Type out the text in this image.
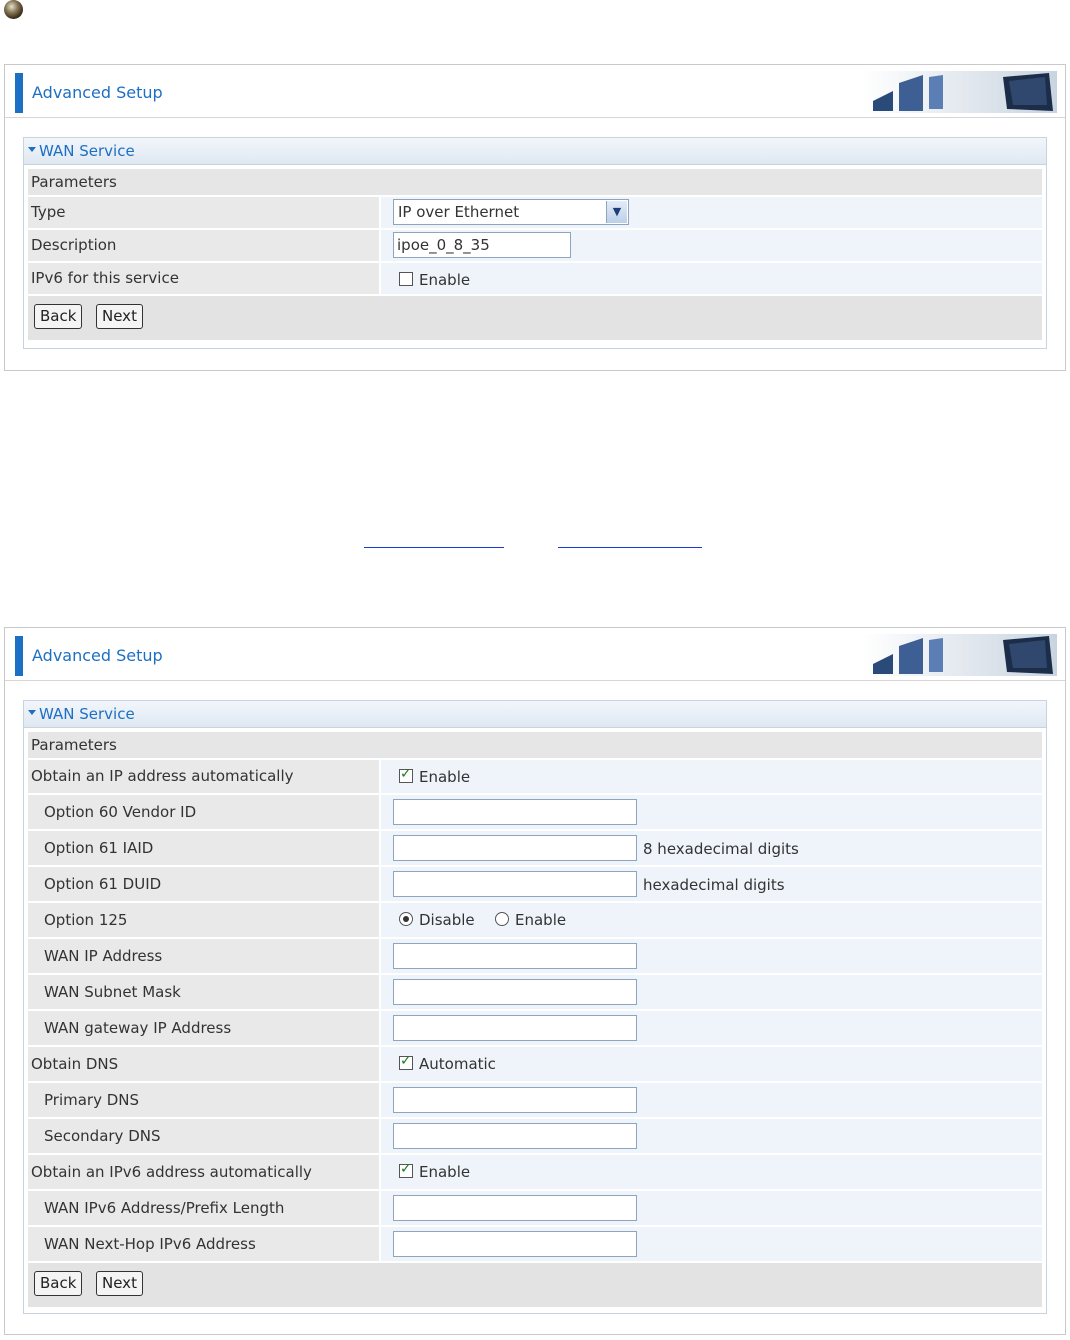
Advanced Setup
WAN Service
Parameters
Type	IP over Ethernet	▼
Description	ipoe_0_8_35
IPv6 for this service	Enable
Back	Next
Advanced Setup
WAN Service
Parameters
Obtain an IP address automatically ✓	Enable
Option 60 Vendor ID
Option 61 IAID	8 hexadecimal digits
Option 61 DUID	hexadecimal digits
Option 125	Disable	Enable
WAN IP Address
WAN Subnet Mask
WAN gateway IP Address
Obtain DNS ✓	Automatic
Primary DNS
Secondary DNS
Obtain an IPv6 address automatically ✓	Enable
WAN IPv6 Address/Prefix Length
WAN Next-Hop IPv6 Address
Back	Next
